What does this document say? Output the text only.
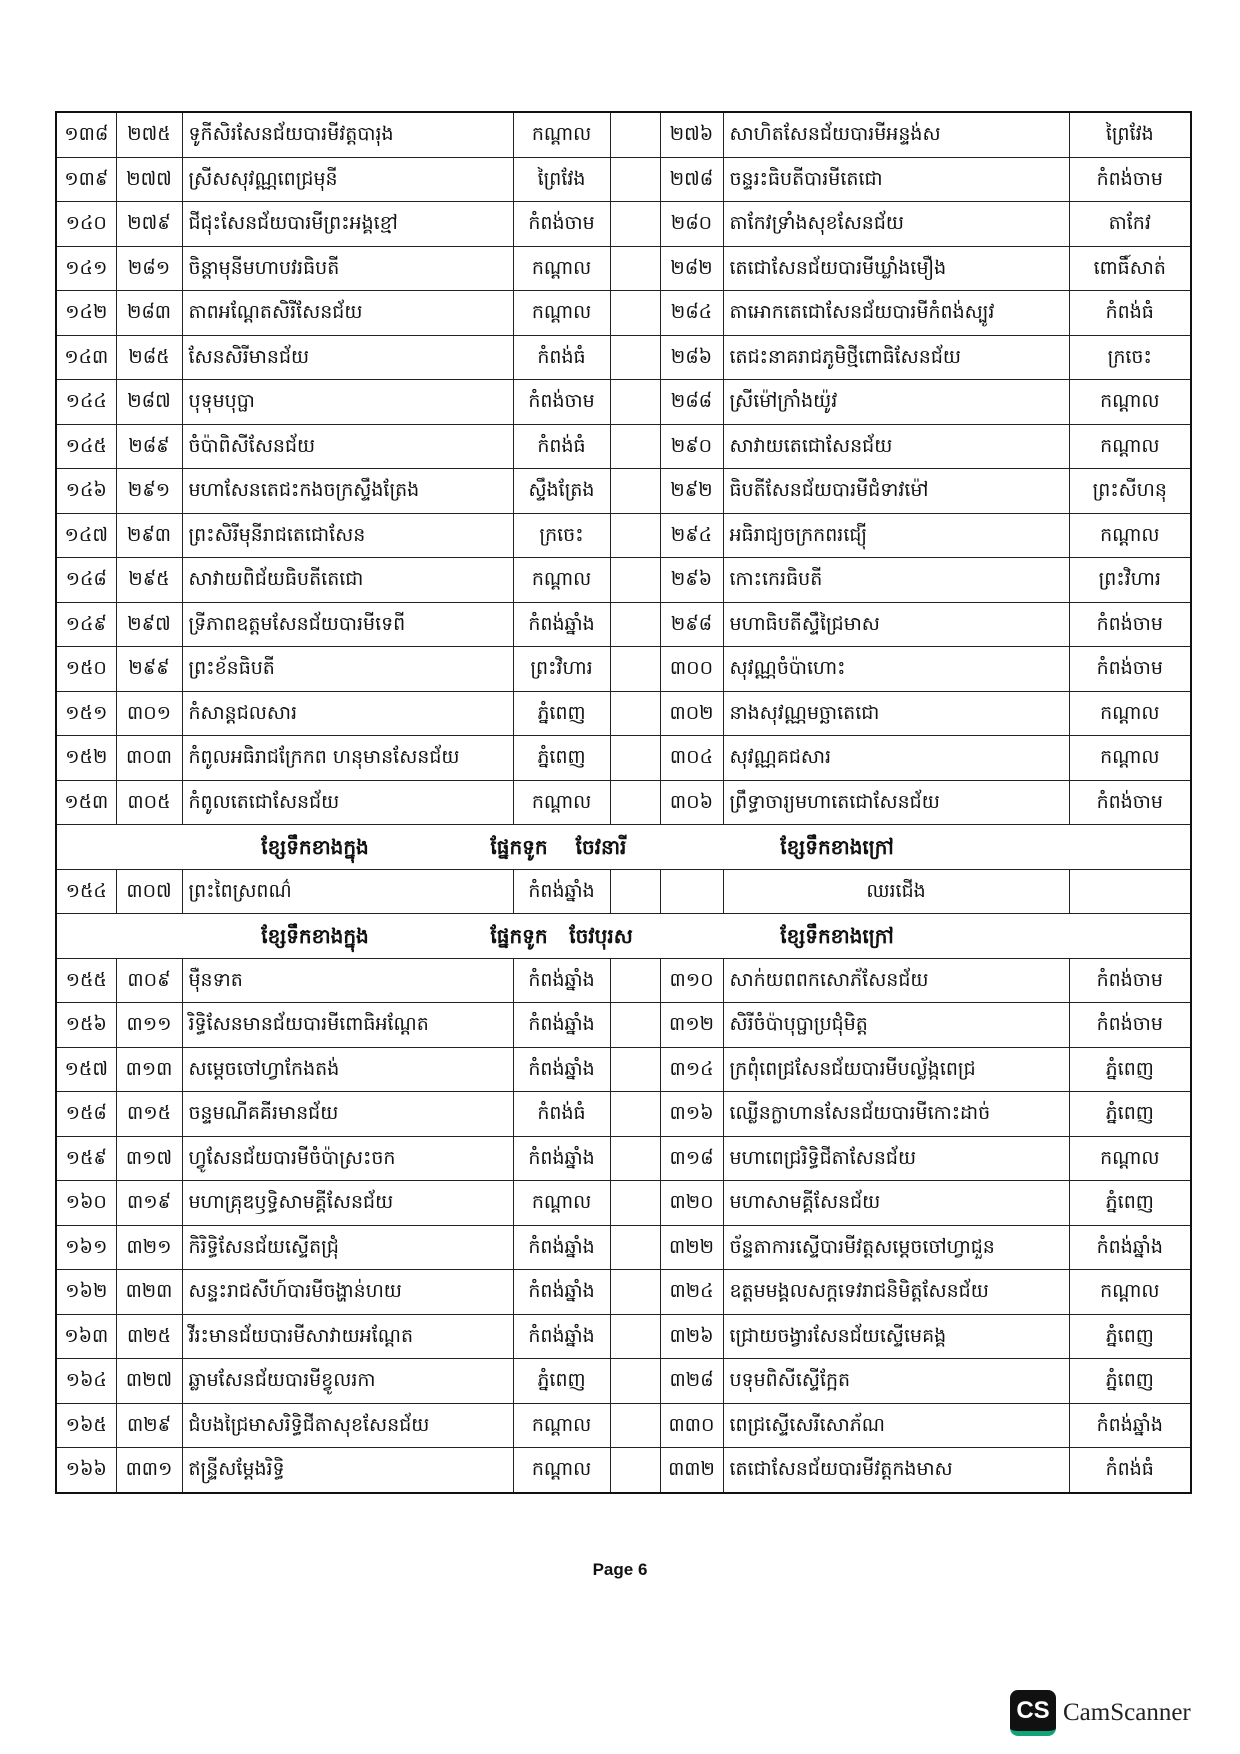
១៣៨	២៧៥	ទូកីសិរសែនជ័យបារមីវត្តបារុង	កណ្ដាល		២៧៦	សាហិតសែនជ័យបារមីអន្ទង់ស	ព្រៃវែង
១៣៩	២៧៧	ស្រីសសុវណ្ណពេជ្រមុនី	ព្រៃវែង		២៧៨	ចន្ទរះធិបតីបារមីតេជោ	កំពង់ចាម
១៤០	២៧៩	ជីជុះសែនជ័យបារមីព្រះអង្គខ្មៅ	កំពង់ចាម		២៨០	តាកែវទ្រាំងសុខសែនជ័យ	តាកែវ
១៤១	២៨១	ចិន្ដាមុនីមហាបវរធិបតី	កណ្ដាល		២៨២	តេជោសែនជ័យបារមីឃ្លាំងមឿង	ពោធិ៍សាត់
១៤២	២៨៣	តាពអណ្តែតសិរីសែនជ័យ	កណ្ដាល		២៨៤	តាអោកតេជោសែនជ័យបារមីកំពង់ស្បូវ	កំពង់ធំ
១៤៣	២៨៥	សែនសិរីមានជ័យ	កំពង់ធំ		២៨៦	តេជះនាគរាជភូមិថ្មីពោធិសែនជ័យ	ក្រចេះ
១៤៤	២៨៧	បុទុមបុប្ផា	កំពង់ចាម		២៨៨	ស្រីម៉ៅក្រាំងយ៉ូវ	កណ្ដាល
១៤៥	២៨៩	ចំប៉ាពិសីសែនជ័យ	កំពង់ធំ		២៩០	សាវាយតេជោសែនជ័យ	កណ្ដាល
១៤៦	២៩១	មហាសែនតេជះកងចក្រស្ទឹងត្រែង	ស្ទឹងត្រែង		២៩២	ធិបតីសែនជ័យបារមីជំទាវម៉ៅ	ព្រះសីហនុ
១៤៧	២៩៣	ព្រះសិរីមុនីរាជតេជោសែន	ក្រចេះ		២៩៤	អធិរាជ្យចក្រកពរជ្យ៉ើ	កណ្ដាល
១៤៨	២៩៥	សាវាយពិជ័យធិបតីតេជោ	កណ្ដាល		២៩៦	កោះកេរធិបតី	ព្រះវិហារ
១៤៩	២៩៧	ទ្រីភាពឧត្ដមសែនជ័យបារមីទេពី	កំពង់ឆ្នាំង		២៩៨	មហាធិបតីស្ទឹជ្រៃមាស	កំពង់ចាម
១៥០	២៩៩	ព្រះខ័នធិបតី	ព្រះវិហារ		៣០០	សុវណ្ណចំប៉ាហោះ	កំពង់ចាម
១៥១	៣០១	កំសាន្តជលសារ	ភ្នំពេញ		៣០២	នាងសុវណ្ណមច្ឆាតេជោ	កណ្ដាល
១៥២	៣០៣	កំពូលអធិរាជក្រែកព ហនុមានសែនជ័យ	ភ្នំពេញ		៣០៤	សុវណ្ណគជសារ	កណ្ដាល
១៥៣	៣០៥	កំពូលតេជោសែនជ័យ	កណ្ដាល		៣០៦	ព្រឹទ្ធាចារ្យមហាតេជោសែនជ័យ	កំពង់ចាម

ខ្សែទឹកខាងក្នុង ផ្នែកទូក ចែវនារី ខ្សែទឹកខាងក្រៅ							

១៥៤	៣០៧	ព្រះពៃស្រពណ៌	កំពង់ឆ្នាំង			ឈរជើង	

ខ្សែទឹកខាងក្នុង ផ្នែកទូក ចែវបុរស ខ្សែទឹកខាងក្រៅ							

១៥៥	៣០៩	ម៉ឺនទាត	កំពង់ឆ្នាំង		៣១០	សាក់យពពកសោភ័សែនជ័យ	កំពង់ចាម
១៥៦	៣១១	រិទ្ធិសែនមានជ័យបារមីពោធិអណ្តែត	កំពង់ឆ្នាំង		៣១២	សិរីចំប៉ាបុប្ផាប្រជុំមិត្ត	កំពង់ចាម
១៥៧	៣១៣	សម្តេចចៅហ្វាកែងតង់	កំពង់ឆ្នាំង		៣១៤	ក្រពុំពេជ្រសែនជ័យបារមីបល្ល័ង្កពេជ្រ	ភ្នំពេញ
១៥៨	៣១៥	ចន្ទមណីគគីរមានជ័យ	កំពង់ធំ		៣១៦	ឈ្លើនក្លាហានសែនជ័យបារមីកោះដាច់	ភ្នំពេញ
១៥៩	៣១៧	ហ្វូសែនជ័យបារមីចំប៉ាស្រះចក	កំពង់ឆ្នាំង		៣១៨	មហាពេជ្ររិទ្ធិជីតាសែនជ័យ	កណ្ដាល
១៦០	៣១៩	មហាគ្រុឌឫទ្ធិសាមគ្គីសែនជ័យ	កណ្ដាល		៣២០	មហាសាមគ្គីសែនជ័យ	ភ្នំពេញ
១៦១	៣២១	កិរិទ្ធិសែនជ័យស្ទើតជ្រុំ	កំពង់ឆ្នាំង		៣២២	ច័ន្ទតាការស្ទើបារមីវត្តសម្តេចចៅហ្វាជួន	កំពង់ឆ្នាំង
១៦២	៣២៣	សន្ទះរាជសីហ៍បារមីចង្ហាន់ហយ	កំពង់ឆ្នាំង		៣២៤	ឧត្តមមង្គលសក្តទេវរាជនិមិត្តសែនជ័យ	កណ្ដាល
១៦៣	៣២៥	វីរះមានជ័យបារមីសាវាយអណ្ដែត	កំពង់ឆ្នាំង		៣២៦	ជ្រោយចង្វារសែនជ័យស្ទើមេគង្គ	ភ្នំពេញ
១៦៤	៣២៧	ឆ្លាមសែនជ័យបារមីខ្វូលរកា	ភ្នំពេញ		៣២៨	បទុមពិសីស្ទើក្អែត	ភ្នំពេញ
១៦៥	៣២៩	ជំបងជ្រៃមាសរិទ្ធិជីតាសុខសែនជ័យ	កណ្ដាល		៣៣០	ពេជ្រស្ទើសេរីសោភ័ណ	កំពង់ឆ្នាំង
១៦៦	៣៣១	ឥន្ទ្រីសម្ដែងរិទ្ធិ	កណ្ដាល		៣៣២	តេជោសែនជ័យបារមីវត្តកងមាស	កំពង់ធំ
Page 6
CS CamScanner
